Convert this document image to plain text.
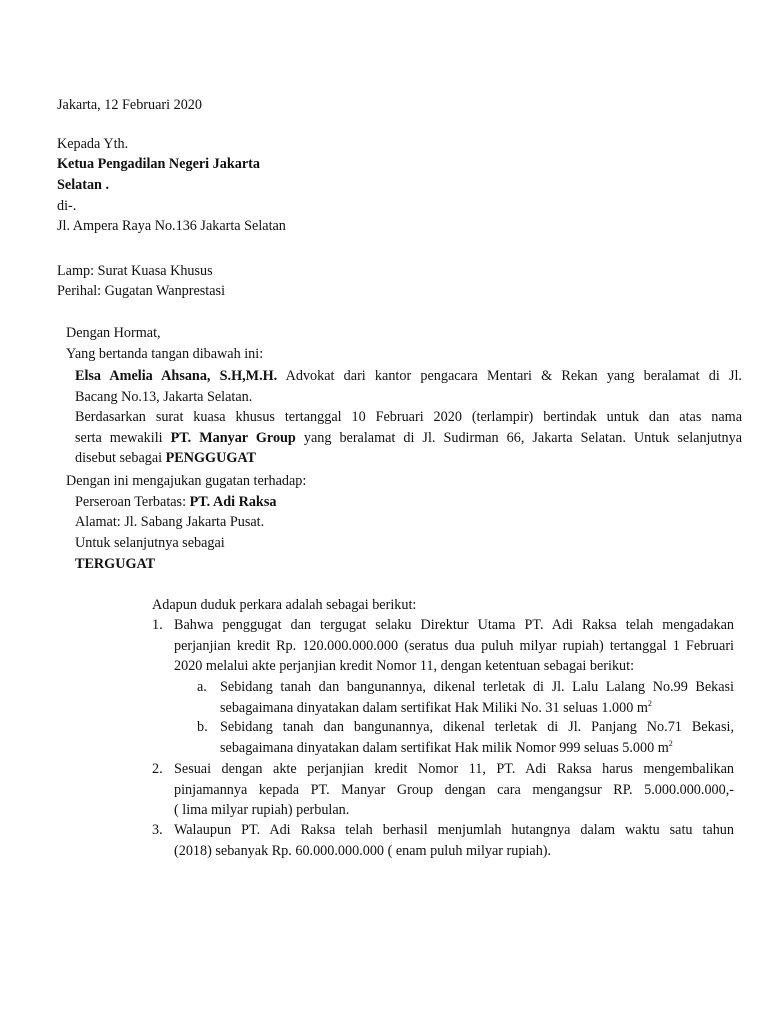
Jakarta, 12 Februari 2020
Kepada Yth.
Ketua Pengadilan Negeri Jakarta
Selatan .
di-.
Jl. Ampera Raya No.136 Jakarta Selatan
Lamp: Surat Kuasa Khusus
Perihal: Gugatan Wanprestasi
Dengan Hormat,
Yang bertanda tangan dibawah ini:
Elsa Amelia Ahsana, S.H,M.H. Advokat dari kantor pengacara Mentari & Rekan yang beralamat di Jl.
Bacang No.13, Jakarta Selatan.
Berdasarkan surat kuasa khusus tertanggal 10 Februari 2020 (terlampir) bertindak untuk dan atas nama
serta mewakili PT. Manyar Group yang beralamat di Jl. Sudirman 66, Jakarta Selatan. Untuk selanjutnya
disebut sebagai PENGGUGAT
Dengan ini mengajukan gugatan terhadap:
Perseroan Terbatas: PT. Adi Raksa
Alamat: Jl. Sabang Jakarta Pusat.
Untuk selanjutnya sebagai
TERGUGAT
Adapun duduk perkara adalah sebagai berikut:
1. Bahwa penggugat dan tergugat selaku Direktur Utama PT. Adi Raksa telah mengadakan
perjanjian kredit Rp. 120.000.000.000 (seratus dua puluh milyar rupiah) tertanggal 1 Februari
2020 melalui akte perjanjian kredit Nomor 11, dengan ketentuan sebagai berikut:
a. Sebidang tanah dan bangunannya, dikenal terletak di Jl. Lalu Lalang No.99 Bekasi
sebagaimana dinyatakan dalam sertifikat Hak Miliki No. 31 seluas 1.000 $m^2$
b. Sebidang tanah dan bangunannya, dikenal terletak di Jl. Panjang No.71 Bekasi,
sebagaimana dinyatakan dalam sertifikat Hak milik Nomor 999 seluas 5.000 $m^2$
2. Sesuai dengan akte perjanjian kredit Nomor 11, PT. Adi Raksa harus mengembalikan
pinjamannya kepada PT. Manyar Group dengan cara mengangsur RP. 5.000.000.000,-
( lima milyar rupiah) perbulan.
3. Walaupun PT. Adi Raksa telah berhasil menjumlah hutangnya dalam waktu satu tahun
(2018) sebanyak Rp. 60.000.000.000 ( enam puluh milyar rupiah).
